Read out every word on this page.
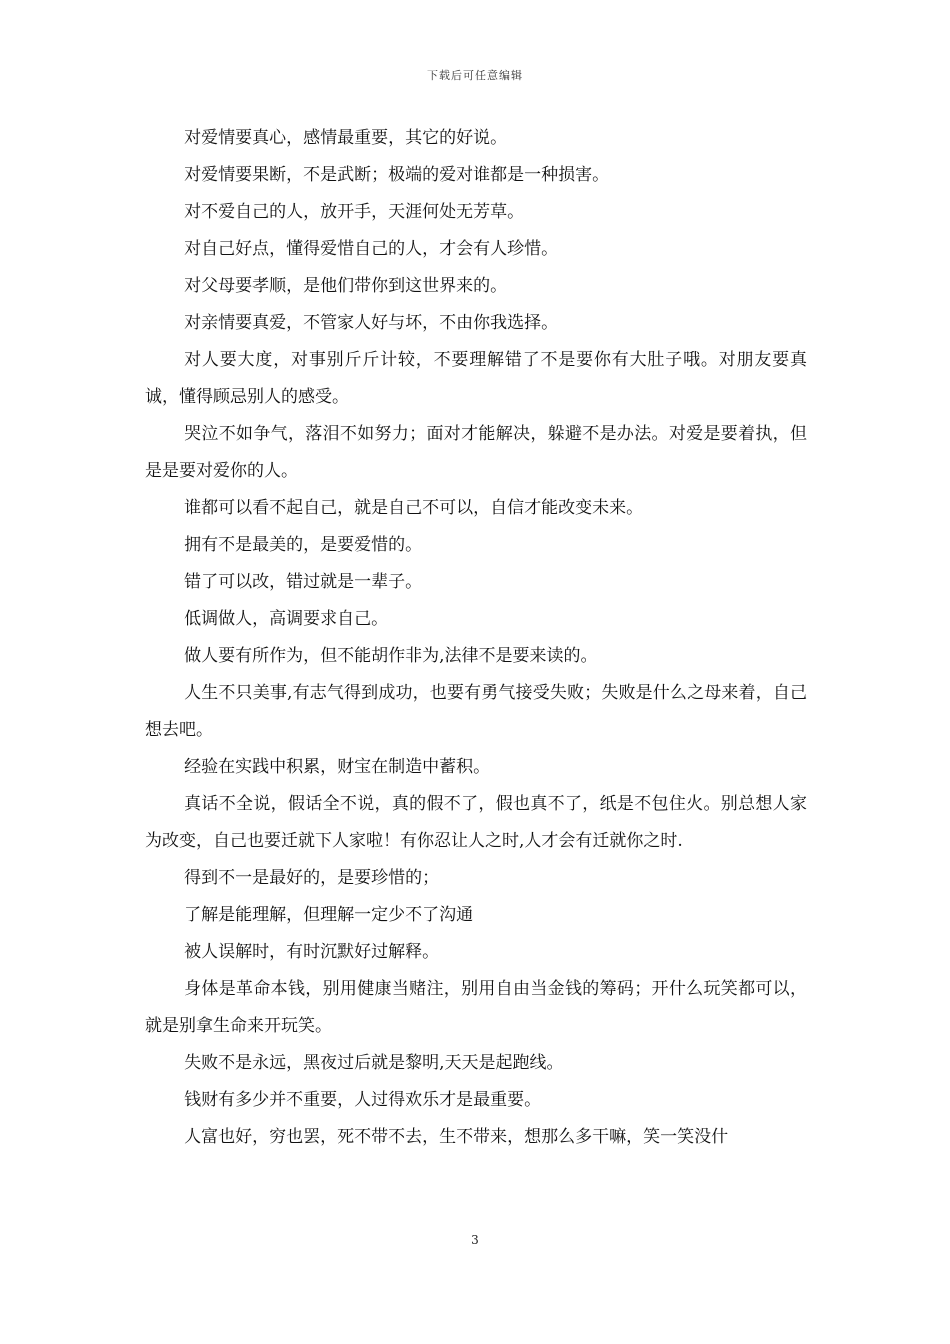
下载后可任意编辑

对爱情要真心，感情最重要，其它的好说。

对爱情要果断，不是武断；极端的爱对谁都是一种损害。

对不爱自己的人，放开手，天涯何处无芳草。

对自己好点，懂得爱惜自己的人，才会有人珍惜。

对父母要孝顺，是他们带你到这世界来的。

对亲情要真爱，不管家人好与坏，不由你我选择。

对人要大度，对事别斤斤计较，不要理解错了不是要你有大肚子哦。对朋友要真诚，懂得顾忌别人的感受。

哭泣不如争气，落泪不如努力；面对才能解决，躲避不是办法。对爱是要着执，但是是要对爱你的人。

谁都可以看不起自己，就是自己不可以，自信才能改变未来。

拥有不是最美的，是要爱惜的。

错了可以改，错过就是一辈子。

低调做人，高调要求自己。

做人要有所作为，但不能胡作非为,法律不是要来读的。

人生不只美事,有志气得到成功，也要有勇气接受失败；失败是什么之母来着，自己想去吧。

经验在实践中积累，财宝在制造中蓄积。

真话不全说，假话全不说，真的假不了，假也真不了，纸是不包住火。别总想人家为改变，自己也要迁就下人家啦！有你忍让人之时,人才会有迁就你之时.

得到不一是最好的，是要珍惜的；

了解是能理解，但理解一定少不了沟通

被人误解时，有时沉默好过解释。

身体是革命本钱，别用健康当赌注，别用自由当金钱的筹码；开什么玩笑都可以，就是别拿生命来开玩笑。

失败不是永远，黑夜过后就是黎明,天天是起跑线。

钱财有多少并不重要，人过得欢乐才是最重要。

人富也好，穷也罢，死不带不去，生不带来，想那么多干嘛，笑一笑没什

3
